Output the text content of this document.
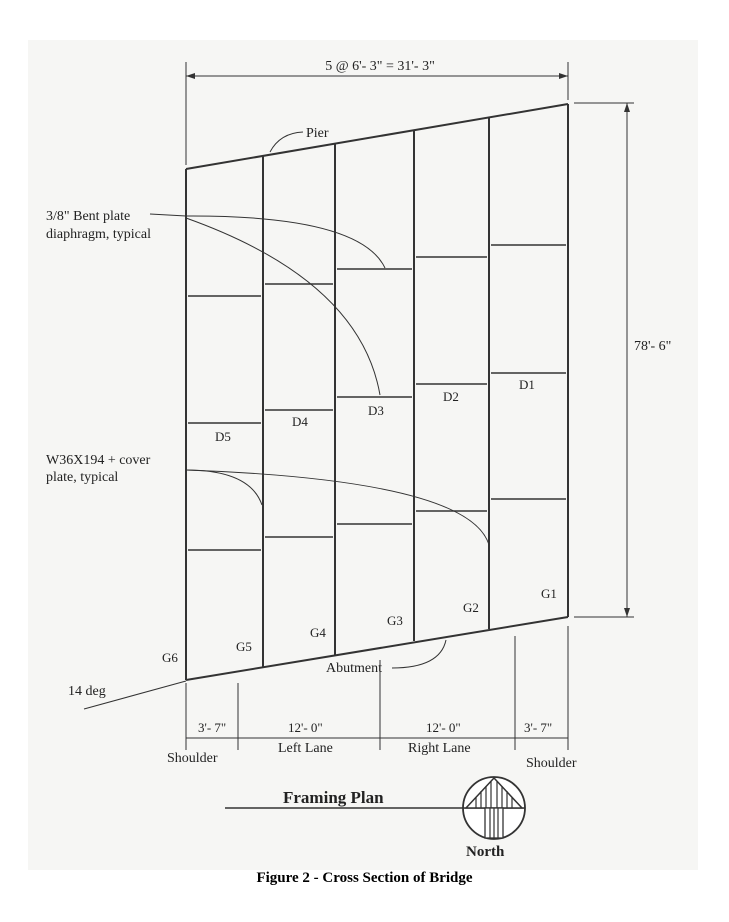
5 @ 6'- 3" = 31'- 3"
78'- 6"
D1
D2
D3
D4
D5
G1
G2
G3
G4
G5
G6
Pier
3/8" Bent plate
diaphragm, typical
W36X194 + cover
plate, typical
Abutment
14 deg
3'- 7"	12'- 0"	12'- 0"	3'- 7"
Shoulder
Left Lane	Right Lane
Shoulder
Framing Plan
North
Figure 2 - Cross Section of Bridge
